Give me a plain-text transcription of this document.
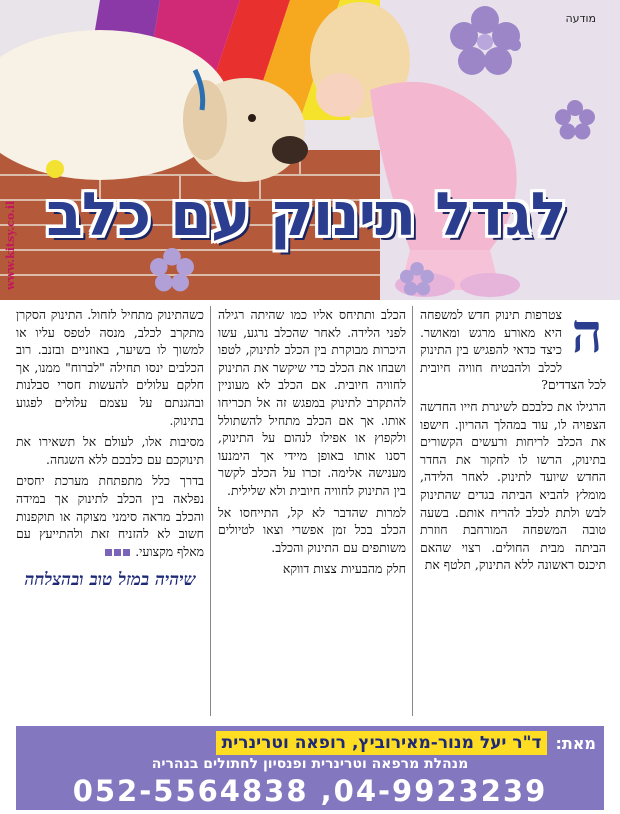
מודעה
לגדל תינוק עם כלב
www.kitsy.co.il
ה

צטרפות תינוק חדש למשפחה היא מאורע מרגש ומאושר. כיצד כדאי להפגיש בין התינוק לכלב ולהבטיח חוויה חיובית לכל הצדדים?

הרגילו את כלבכם לשיגרת חייו החדשה הצפויה לו, עוד במהלך ההריון. חישפו את הכלב לריחות ורעשים הקשורים בתינוק, הרשו לו לחקור את החדר החדש שיועד לתינוק. לאחר הלידה, מומלץ להביא הביתה בגדים שהתינוק לבש ולתת לכלב להריח אותם. בשעה טובה המשפחה המורחבת חוזרת הביתה מבית החולים. רצוי שהאם תיכנס ראשונה ללא התינוק, תלטף את

הכלב ותתיחס אליו כמו שהיתה רגילה לפני הלידה. לאחר שהכלב נרגע, עשו היכרות מבוקרת בין הכלב לתינוק, לטפו ושבחו את הכלב כדי שיקשר את התינוק לחוויה חיובית. אם הכלב לא מעוניין להתקרב לתינוק במפגש זה אל תכריחו אותו. אך אם הכלב מתחיל להשתולל ולקפוץ או אפילו לנהום על התינוק, רסנו אותו באופן מיידי אך הימנעו מענישה אלימה. זכרו על הכלב לקשר בין התינוק לחוויה חיובית ולא שלילית.

למרות שהדבר לא קל, התייחסו אל הכלב בכל זמן אפשרי וצאו לטיולים משותפים עם התינוק והכלב.

חלק מהבעיות צצות דווקא

כשהתינוק מתחיל לזחול. התינוק הסקרן מתקרב לכלב, מנסה לטפס עליו או למשוך לו בשיער, באוזניים ובזנב. רוב הכלבים ינסו תחילה "לברוח" ממנו, אך חלקם עלולים להעשות חסרי סבלנות ובהגנתם על עצמם עלולים לפגוע בתינוק.

מסיבות אלו, לעולם אל תשאירו את תינוקכם עם כלבכם ללא השגחה.

בדרך כלל מתפתחת מערכת יחסים נפלאה בין הכלב לתינוק אך במידה והכלב מראה סימני מצוקה או תוקפנות חשוב לא להזניח זאת ולהתייעץ עם מאלף מקצועי.

שיהיה במזל טוב ובהצלחה
מאת:
ד"ר יעל מנור-מאירוביץ, רופאה וטרינרית
מנהלת מרפאה וטרינרית ופנסיון לחתולים בנהריה
052-5564838 ,04-9923239
